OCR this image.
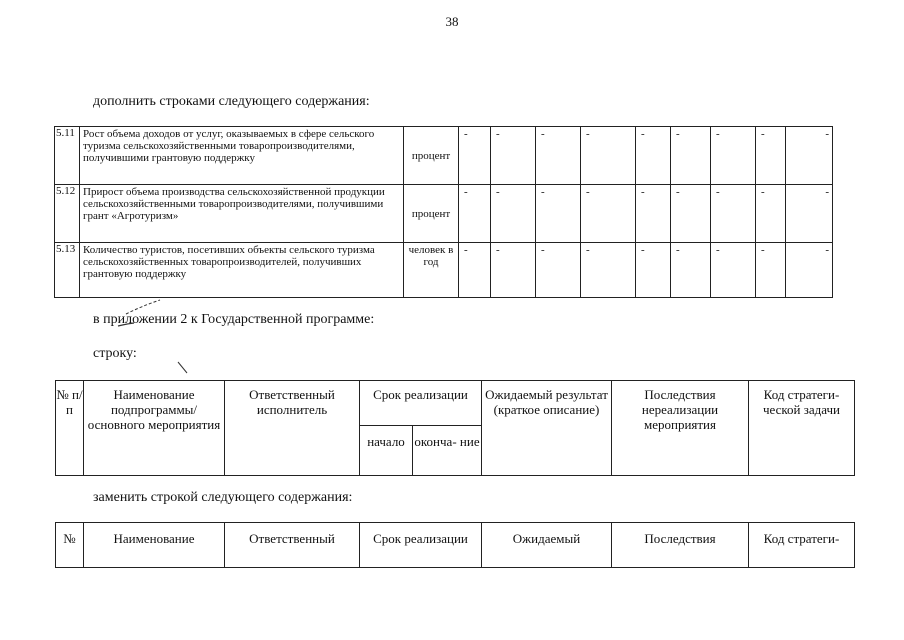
38
дополнить строками следующего содержания:
5.11	Рост объема доходов от услуг, оказываемых в сфере сельского туризма сельскохозяйственными товаропроизводителями, получившими грантовую поддержку	процент	-	-	-	-	-	-	-	-	-
5.12	Прирост объема производства сельскохозяйственной продукции сельскохозяйственными товаропроизводителями, получившими грант «Агротуризм»	процент	-	-	-	-	-	-	-	-	-
5.13	Количество туристов, посетивших объекты сельского туризма сельскохозяйственных товаропроизводителей, получивших грантовую поддержку	человек в год	-	-	-	-	-	-	-	-	-
в приложении 2 к Государственной программе:
строку:
№ п/п	Наименование подпрограммы/ основного мероприятия	Ответственный исполнитель	Срок реализации		Ожидаемый результат (краткое описание)	Последствия нереализации мероприятия	Код стратеги- ческой задачи
			начало	оконча- ние			
заменить строкой следующего содержания:
№	Наименование	Ответственный	Срок реализации	Ожидаемый	Последствия	Код стратеги-
